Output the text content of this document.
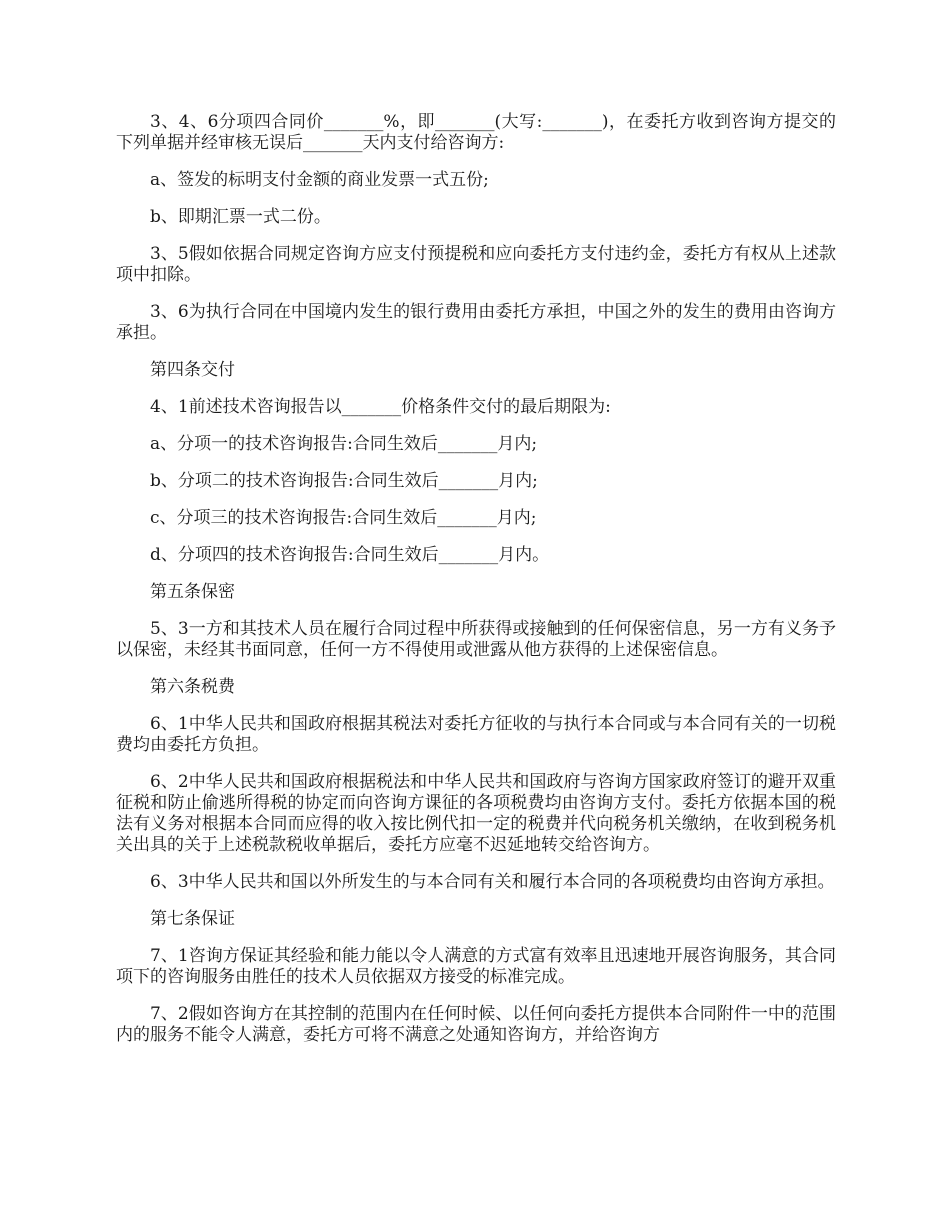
3、4、6分项四合同价_______%，即_______(大写:_______)，在委托方收到咨询方提交的下列单据并经审核无误后_______天内支付给咨询方:

a、签发的标明支付金额的商业发票一式五份;

b、即期汇票一式二份。

3、5假如依据合同规定咨询方应支付预提税和应向委托方支付违约金，委托方有权从上述款项中扣除。

3、6为执行合同在中国境内发生的银行费用由委托方承担，中国之外的发生的费用由咨询方承担。

第四条交付

4、1前述技术咨询报告以_______价格条件交付的最后期限为:

a、分项一的技术咨询报告:合同生效后_______月内;

b、分项二的技术咨询报告:合同生效后_______月内;

c、分项三的技术咨询报告:合同生效后_______月内;

d、分项四的技术咨询报告:合同生效后_______月内。

第五条保密

5、3一方和其技术人员在履行合同过程中所获得或接触到的任何保密信息，另一方有义务予以保密，未经其书面同意，任何一方不得使用或泄露从他方获得的上述保密信息。

第六条税费

6、1中华人民共和国政府根据其税法对委托方征收的与执行本合同或与本合同有关的一切税费均由委托方负担。

6、2中华人民共和国政府根据税法和中华人民共和国政府与咨询方国家政府签订的避开双重征税和防止偷逃所得税的协定而向咨询方课征的各项税费均由咨询方支付。委托方依据本国的税法有义务对根据本合同而应得的收入按比例代扣一定的税费并代向税务机关缴纳，在收到税务机关出具的关于上述税款税收单据后，委托方应毫不迟延地转交给咨询方。

6、3中华人民共和国以外所发生的与本合同有关和履行本合同的各项税费均由咨询方承担。

第七条保证

7、1咨询方保证其经验和能力能以令人满意的方式富有效率且迅速地开展咨询服务，其合同项下的咨询服务由胜任的技术人员依据双方接受的标准完成。

7、2假如咨询方在其控制的范围内在任何时候、以任何向委托方提供本合同附件一中的范围内的服务不能令人满意，委托方可将不满意之处通知咨询方，并给咨询方
